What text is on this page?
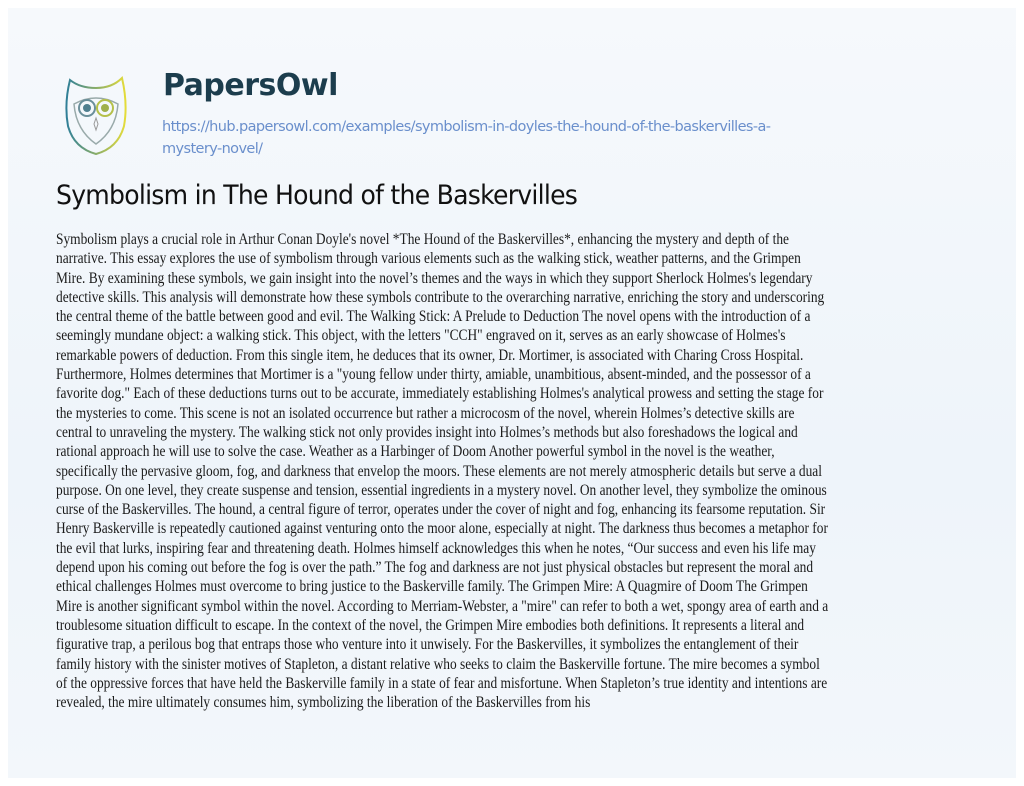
PapersOwl
https://hub.papersowl.com/examples/symbolism-in-doyles-the-hound-of-the-baskervilles-a-
mystery-novel/
Symbolism in The Hound of the Baskervilles
Symbolism plays a crucial role in Arthur Conan Doyle's novel *The Hound of the Baskervilles*, enhancing the mystery and depth of the
narrative. This essay explores the use of symbolism through various elements such as the walking stick, weather patterns, and the Grimpen
Mire. By examining these symbols, we gain insight into the novel’s themes and the ways in which they support Sherlock Holmes's legendary
detective skills. This analysis will demonstrate how these symbols contribute to the overarching narrative, enriching the story and underscoring
the central theme of the battle between good and evil. The Walking Stick: A Prelude to Deduction The novel opens with the introduction of a
seemingly mundane object: a walking stick. This object, with the letters "CCH" engraved on it, serves as an early showcase of Holmes's
remarkable powers of deduction. From this single item, he deduces that its owner, Dr. Mortimer, is associated with Charing Cross Hospital.
Furthermore, Holmes determines that Mortimer is a "young fellow under thirty, amiable, unambitious, absent-minded, and the possessor of a
favorite dog." Each of these deductions turns out to be accurate, immediately establishing Holmes's analytical prowess and setting the stage for
the mysteries to come. This scene is not an isolated occurrence but rather a microcosm of the novel, wherein Holmes’s detective skills are
central to unraveling the mystery. The walking stick not only provides insight into Holmes’s methods but also foreshadows the logical and
rational approach he will use to solve the case. Weather as a Harbinger of Doom Another powerful symbol in the novel is the weather,
specifically the pervasive gloom, fog, and darkness that envelop the moors. These elements are not merely atmospheric details but serve a dual
purpose. On one level, they create suspense and tension, essential ingredients in a mystery novel. On another level, they symbolize the ominous
curse of the Baskervilles. The hound, a central figure of terror, operates under the cover of night and fog, enhancing its fearsome reputation. Sir
Henry Baskerville is repeatedly cautioned against venturing onto the moor alone, especially at night. The darkness thus becomes a metaphor for
the evil that lurks, inspiring fear and threatening death. Holmes himself acknowledges this when he notes, “Our success and even his life may
depend upon his coming out before the fog is over the path.” The fog and darkness are not just physical obstacles but represent the moral and
ethical challenges Holmes must overcome to bring justice to the Baskerville family. The Grimpen Mire: A Quagmire of Doom The Grimpen
Mire is another significant symbol within the novel. According to Merriam-Webster, a "mire" can refer to both a wet, spongy area of earth and a
troublesome situation difficult to escape. In the context of the novel, the Grimpen Mire embodies both definitions. It represents a literal and
figurative trap, a perilous bog that entraps those who venture into it unwisely. For the Baskervilles, it symbolizes the entanglement of their
family history with the sinister motives of Stapleton, a distant relative who seeks to claim the Baskerville fortune. The mire becomes a symbol
of the oppressive forces that have held the Baskerville family in a state of fear and misfortune. When Stapleton’s true identity and intentions are
revealed, the mire ultimately consumes him, symbolizing the liberation of the Baskervilles from his
